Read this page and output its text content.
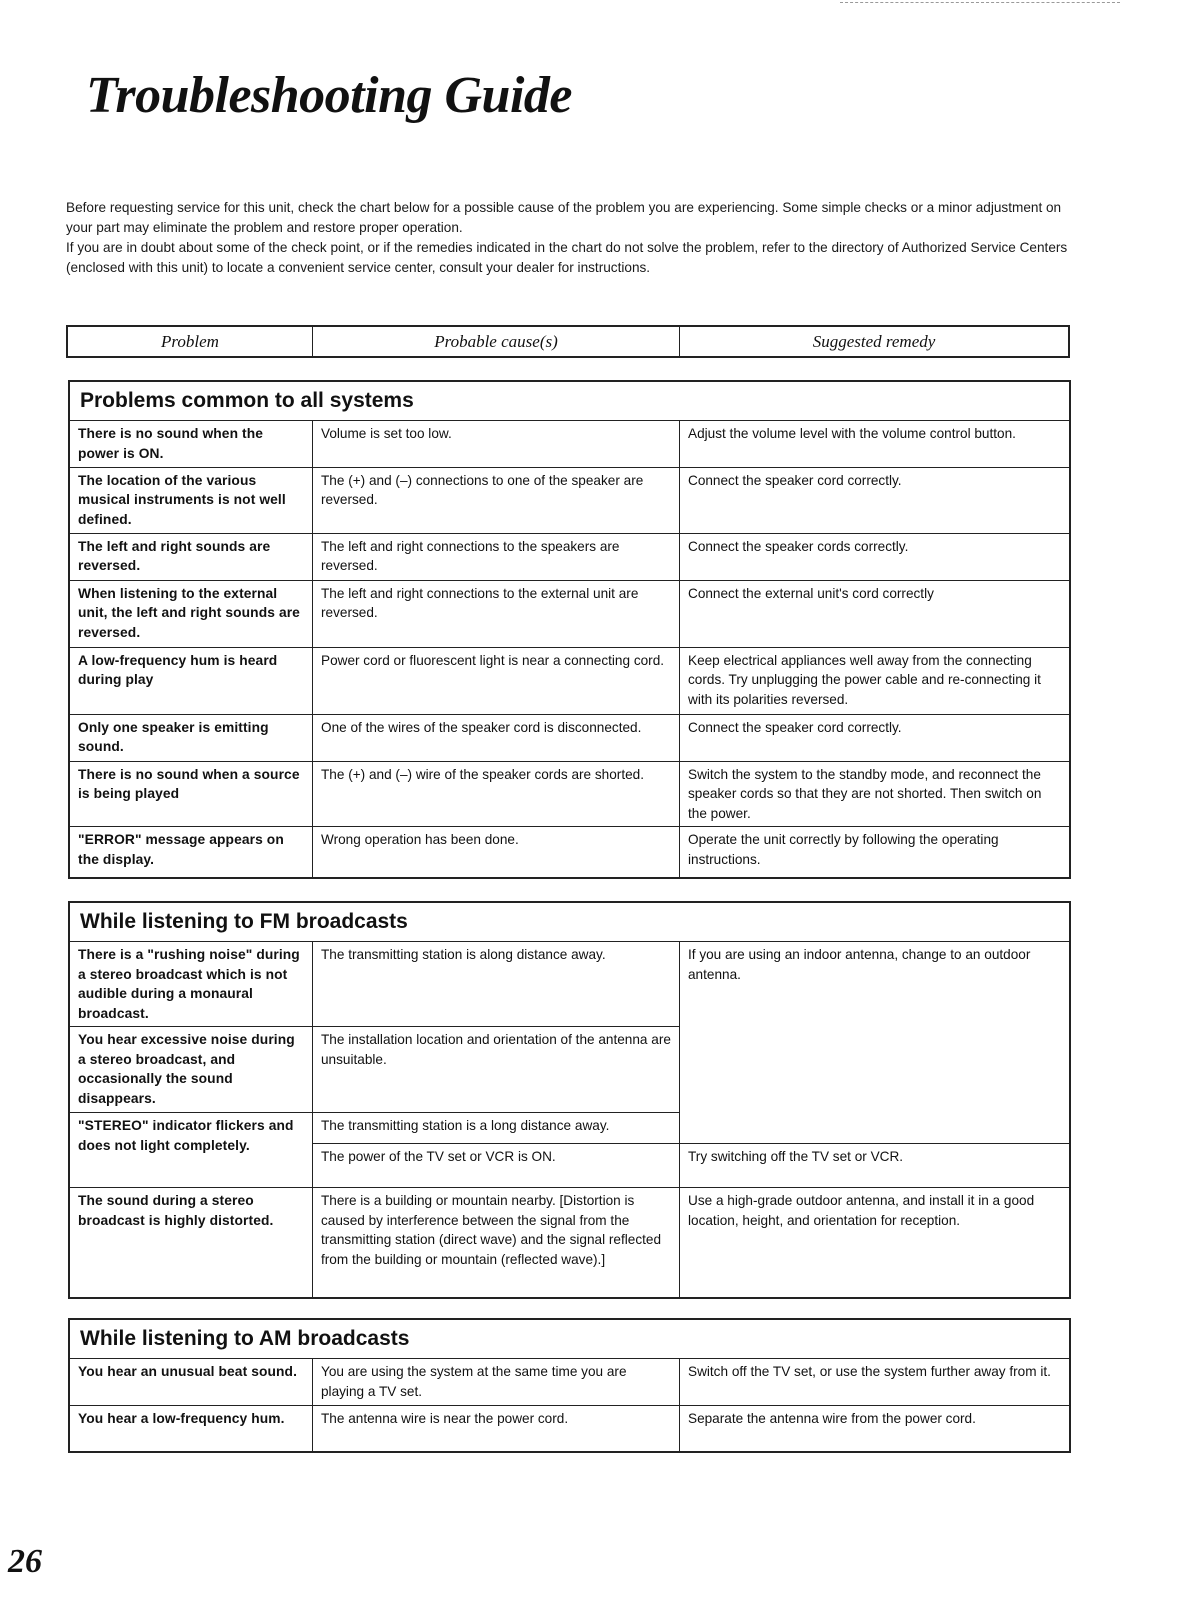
Troubleshooting Guide

Before requesting service for this unit, check the chart below for a possible cause of the problem you are experiencing. Some simple checks or a minor adjustment on your part may eliminate the problem and restore proper operation.

If you are in doubt about some of the check point, or if the remedies indicated in the chart do not solve the problem, refer to the directory of Authorized Service Centers (enclosed with this unit) to locate a convenient service center, consult your dealer for instructions.

Problem	Probable cause(s)	Suggested remedy
Problems common to all systems
There is no sound when the power is ON.	Volume is set too low.	Adjust the volume level with the volume control button.
The location of the various musical instruments is not well defined.	The (+) and (–) connections to one of the speaker are reversed.	Connect the speaker cord correctly.
The left and right sounds are reversed.	The left and right connections to the speakers are reversed.	Connect the speaker cords correctly.
When listening to the external unit, the left and right sounds are reversed.	The left and right connections to the external unit are reversed.	Connect the external unit's cord correctly
A low-frequency hum is heard during play	Power cord or fluorescent light is near a connecting cord.	Keep electrical appliances well away from the connecting cords. Try unplugging the power cable and re-connecting it with its polarities reversed.
Only one speaker is emitting sound.	One of the wires of the speaker cord is disconnected.	Connect the speaker cord correctly.
There is no sound when a source is being played	The (+) and (–) wire of the speaker cords are shorted.	Switch the system to the standby mode, and reconnect the speaker cords so that they are not shorted. Then switch on the power.
"ERROR" message appears on the display.	Wrong operation has been done.	Operate the unit correctly by following the operating instructions.
While listening to FM broadcasts
There is a "rushing noise" during a stereo broadcast which is not audible during a monaural broadcast.	The transmitting station is along distance away.	If you are using an indoor antenna, change to an outdoor antenna.
You hear excessive noise during a stereo broadcast, and occasionally the sound disappears.	The installation location and orientation of the antenna are unsuitable.	
"STEREO" indicator flickers and does not light completely.	The transmitting station is a long distance away.	
	The power of the TV set or VCR is ON.	Try switching off the TV set or VCR.
The sound during a stereo broadcast is highly distorted.	There is a building or mountain nearby. [Distortion is caused by interference between the signal from the transmitting station (direct wave) and the signal reflected from the building or mountain (reflected wave).]	Use a high-grade outdoor antenna, and install it in a good location, height, and orientation for reception.
While listening to AM broadcasts
You hear an unusual beat sound.	You are using the system at the same time you are playing a TV set.	Switch off the TV set, or use the system further away from it.
You hear a low-frequency hum.	The antenna wire is near the power cord.	Separate the antenna wire from the power cord.
26
